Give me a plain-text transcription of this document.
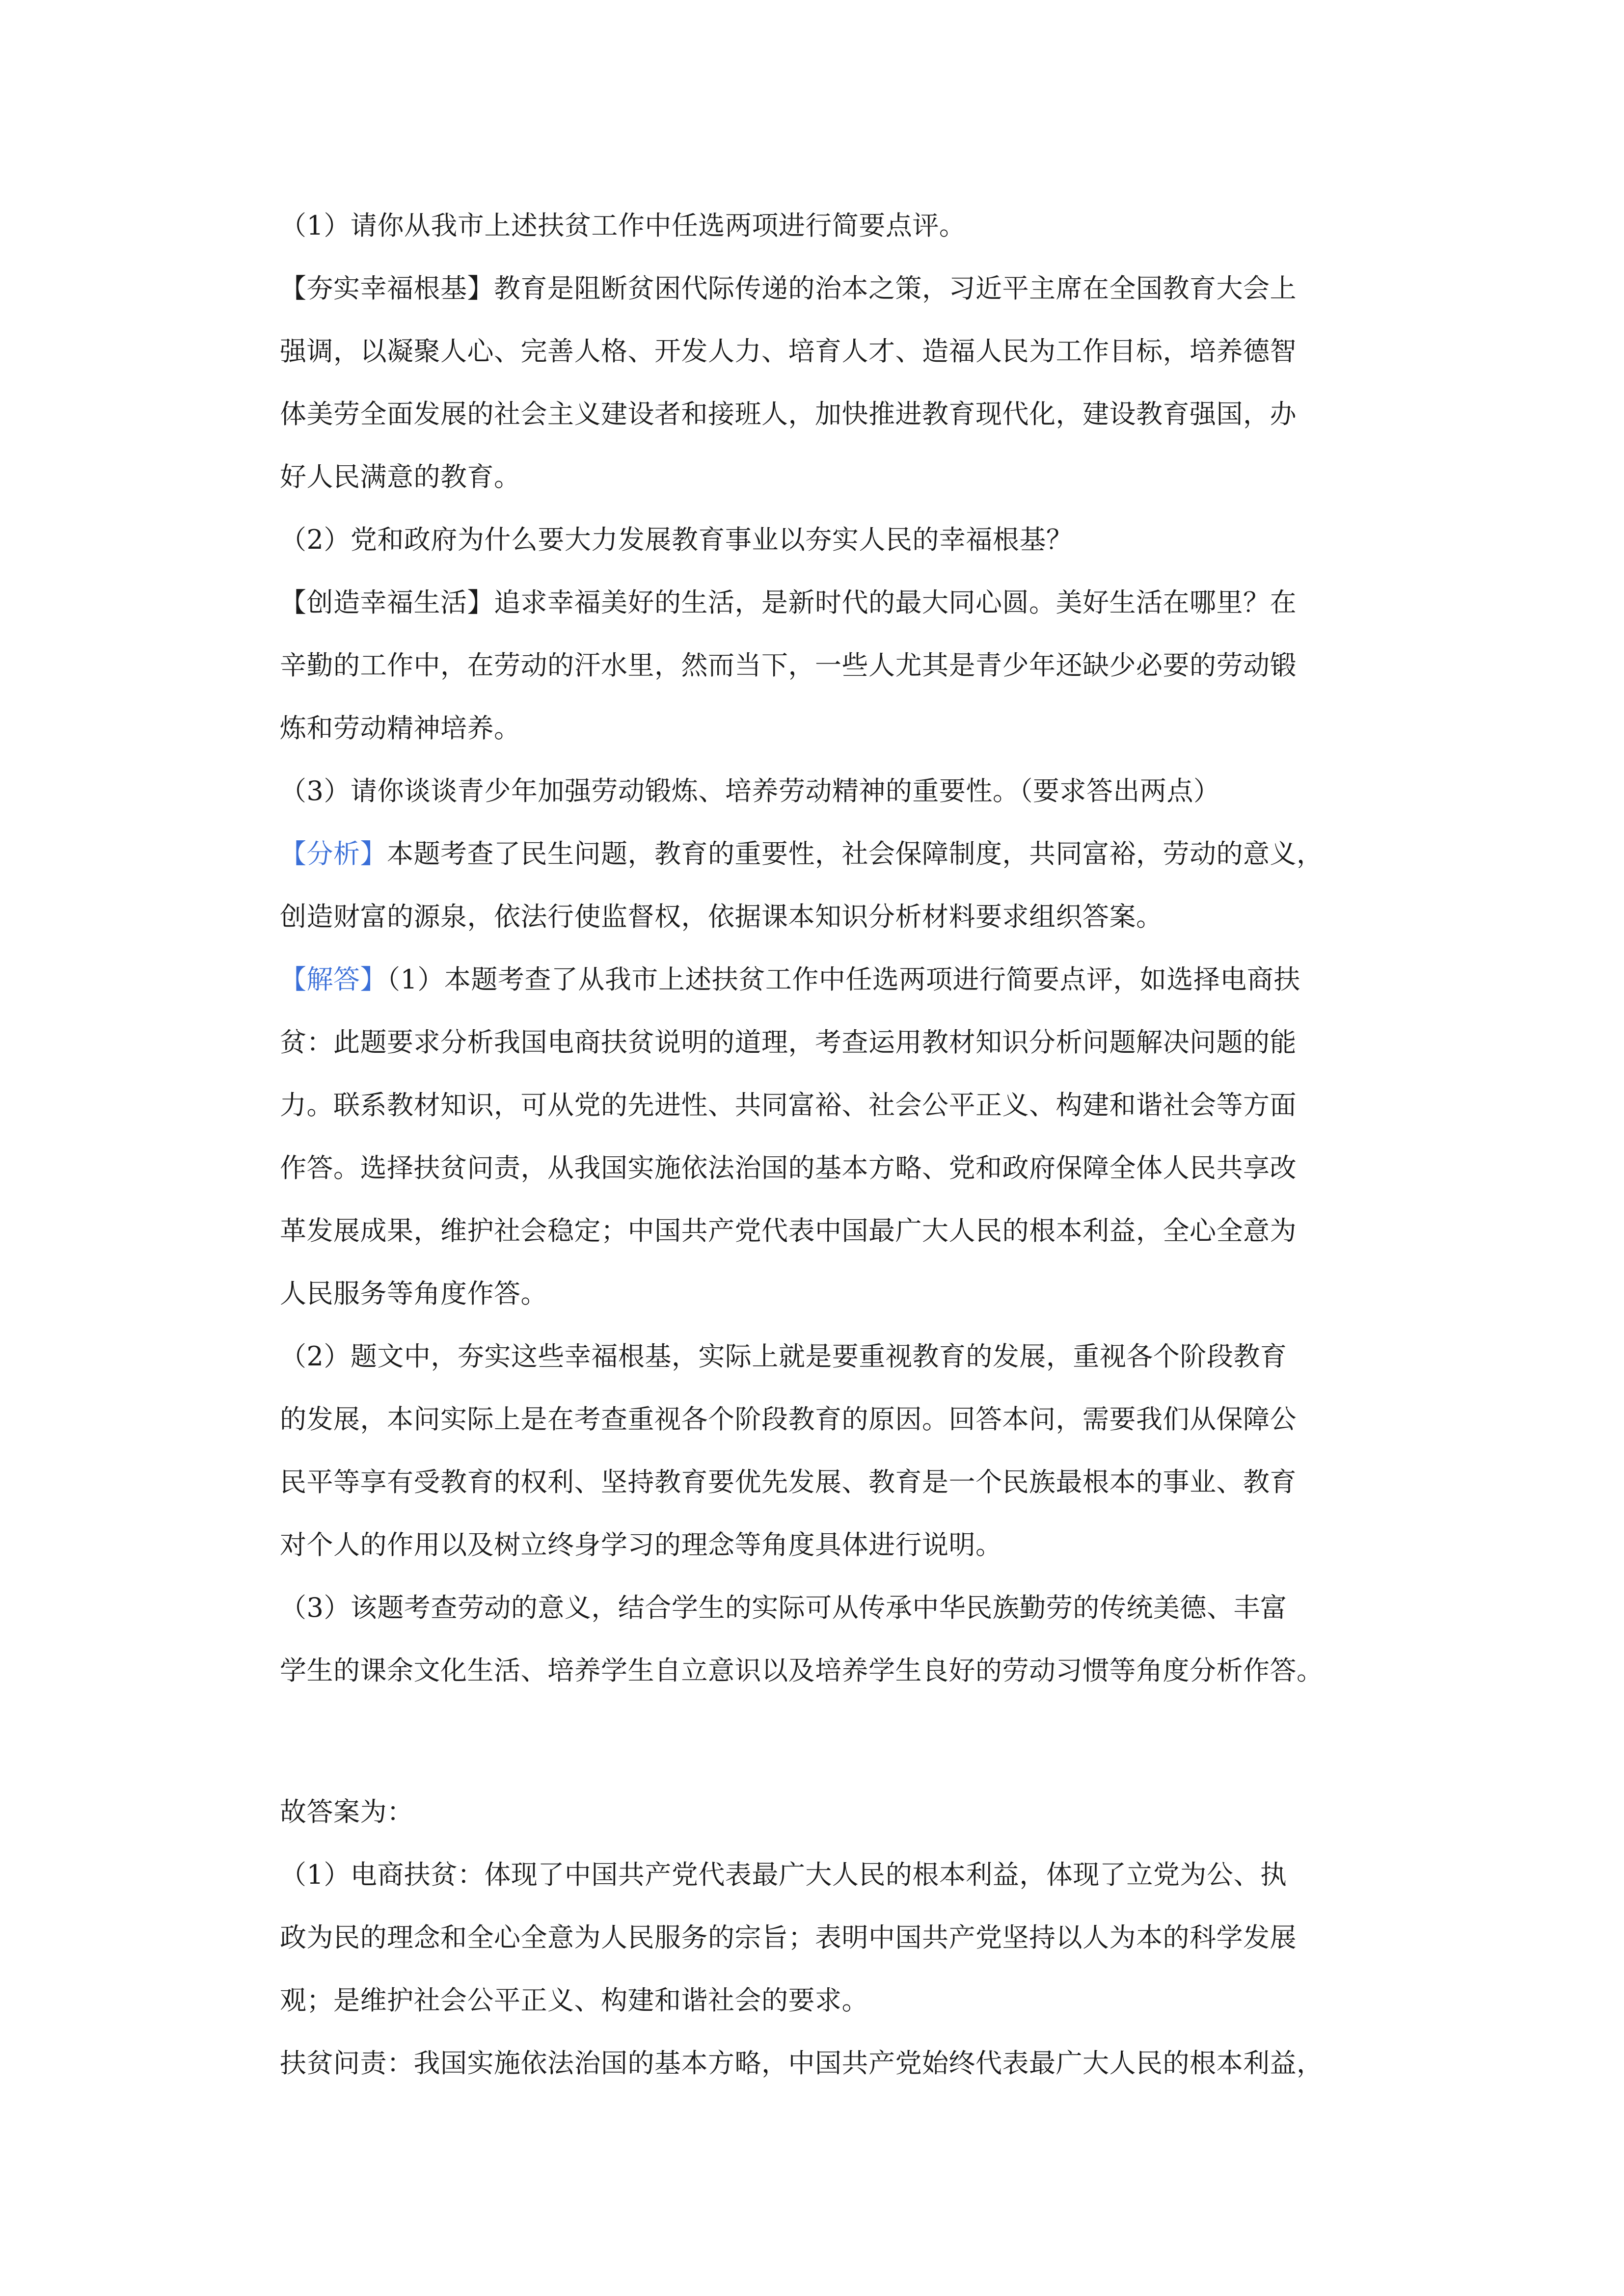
（1）请你从我市上述扶贫工作中任选两项进行简要点评。
【夯实幸福根基】教育是阻断贫困代际传递的治本之策，习近平主席在全国教育大会上
强调，以凝聚人心、完善人格、开发人力、培育人才、造福人民为工作目标，培养德智
体美劳全面发展的社会主义建设者和接班人，加快推进教育现代化，建设教育强国，办
好人民满意的教育。
（2）党和政府为什么要大力发展教育事业以夯实人民的幸福根基？
【创造幸福生活】追求幸福美好的生活，是新时代的最大同心圆。美好生活在哪里？在
辛勤的工作中，在劳动的汗水里，然而当下，一些人尤其是青少年还缺少必要的劳动锻
炼和劳动精神培养。
（3）请你谈谈青少年加强劳动锻炼、培养劳动精神的重要性。（要求答出两点）
【分析】本题考查了民生问题，教育的重要性，社会保障制度，共同富裕，劳动的意义，
创造财富的源泉，依法行使监督权，依据课本知识分析材料要求组织答案。
【解答】（1）本题考查了从我市上述扶贫工作中任选两项进行简要点评，如选择电商扶
贫：此题要求分析我国电商扶贫说明的道理，考查运用教材知识分析问题解决问题的能
力。联系教材知识，可从党的先进性、共同富裕、社会公平正义、构建和谐社会等方面
作答。选择扶贫问责，从我国实施依法治国的基本方略、党和政府保障全体人民共享改
革发展成果，维护社会稳定；中国共产党代表中国最广大人民的根本利益，全心全意为
人民服务等角度作答。
（2）题文中，夯实这些幸福根基，实际上就是要重视教育的发展，重视各个阶段教育
的发展，本问实际上是在考查重视各个阶段教育的原因。回答本问，需要我们从保障公
民平等享有受教育的权利、坚持教育要优先发展、教育是一个民族最根本的事业、教育
对个人的作用以及树立终身学习的理念等角度具体进行说明。
（3）该题考查劳动的意义，结合学生的实际可从传承中华民族勤劳的传统美德、丰富
学生的课余文化生活、培养学生自立意识以及培养学生良好的劳动习惯等角度分析作答。
故答案为：
（1）电商扶贫：体现了中国共产党代表最广大人民的根本利益，体现了立党为公、执
政为民的理念和全心全意为人民服务的宗旨；表明中国共产党坚持以人为本的科学发展
观；是维护社会公平正义、构建和谐社会的要求。
扶贫问责：我国实施依法治国的基本方略，中国共产党始终代表最广大人民的根本利益，
